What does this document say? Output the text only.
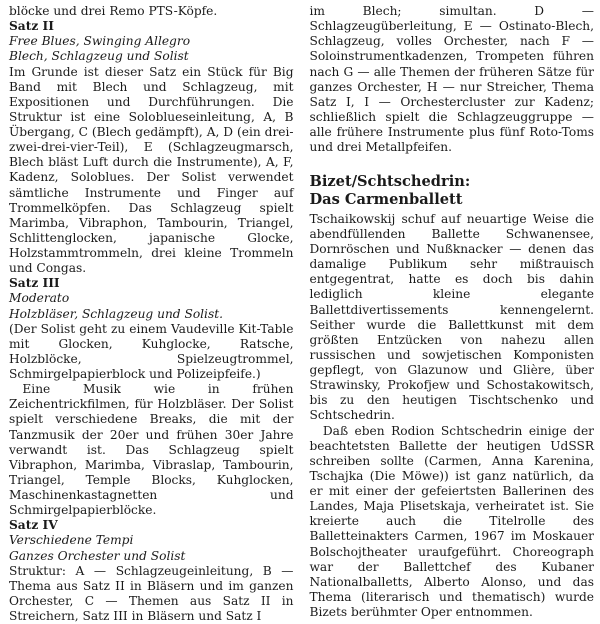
blöcke und drei Remo PTS-Köpfe.

Satz II
Free Blues, Swinging Allegro
Blech, Schlagzeug und Solist

Im Grunde ist dieser Satz ein Stück für Big Band mit Blech und Schlagzeug, mit Expositionen und Durchführungen. Die Struktur ist eine Soloblueseinleitung, A, B Übergang, C (Blech gedämpft), A, D (ein drei-zwei-drei-vier-Teil), E (Schlagzeugmarsch, Blech bläst Luft durch die Instrumente), A, F, Kadenz, Soloblues. Der Solist verwendet sämtliche Instrumente und Finger auf Trommelköpfen. Das Schlagzeug spielt Marimba, Vibraphon, Tambourin, Triangel, Schlittenglocken, japanische Glocke, Holzstammtrommeln, drei kleine Trommeln und Congas.

Satz III
Moderato
Holzbläser, Schlagzeug und Solist.

(Der Solist geht zu einem Vaudeville Kit-Table mit Glocken, Kuhglocke, Ratsche, Holzblöcke, Spielzeugtrommel, Schmirgelpapierblock und Polizeipfeife.)

Eine Musik wie in frühen Zeichentrickfilmen, für Holzbläser. Der Solist spielt verschiedene Breaks, die mit der Tanzmusik der 20er und frühen 30er Jahre verwandt ist. Das Schlagzeug spielt Vibraphon, Marimba, Vibraslap, Tambourin, Triangel, Temple Blocks, Kuhglocken, Maschinenkastagnetten und Schmirgelpapierblöcke.

Satz IV
Verschiedene Tempi
Ganzes Orchester und Solist

Struktur: A — Schlagzeugeinleitung, B — Thema aus Satz II in Bläsern und im ganzen Orchester, C — Themen aus Satz II in Streichern, Satz III in Bläsern und Satz I

im Blech; simultan. D — Schlagzeugüberleitung, E — Ostinato-Blech, Schlagzeug, volles Orchester, nach F — Soloinstrumentkadenzen, Trompeten führen nach G — alle Themen der früheren Sätze für ganzes Orchester, H — nur Streicher, Thema Satz I, I — Orchestercluster zur Kadenz; schließlich spielt die Schlagzeuggruppe — alle frühere Instrumente plus fünf Roto-Toms und drei Metallpfeifen.

Bizet/Schtschedrin:
Das Carmenballett

Tschaikowskij schuf auf neuartige Weise die abendfüllenden Ballette Schwanensee, Dornröschen und Nußknacker — denen das damalige Publikum sehr mißtrauisch entgegentrat, hatte es doch bis dahin lediglich kleine elegante Ballettdivertissements kennengelernt. Seither wurde die Ballettkunst mit dem größten Entzücken von nahezu allen russischen und sowjetischen Komponisten gepflegt, von Glazunow und Glière, über Strawinsky, Prokofjew und Schostakowitsch, bis zu den heutigen Tischtschenko und Schtschedrin.

Daß eben Rodion Schtschedrin einige der beachtetsten Ballette der heutigen UdSSR schreiben sollte (Carmen, Anna Karenina, Tschajka (Die Möwe)) ist ganz natürlich, da er mit einer der gefeiertsten Ballerinen des Landes, Maja Plisetskaja, verheiratet ist. Sie kreierte auch die Titelrolle des Balletteinakters Carmen, 1967 im Moskauer Bolschojtheater uraufgeführt. Choreograph war der Ballettchef des Kubaner Nationalballetts, Alberto Alonso, und das Thema (literarisch und thematisch) wurde Bizets berühmter Oper entnommen.
